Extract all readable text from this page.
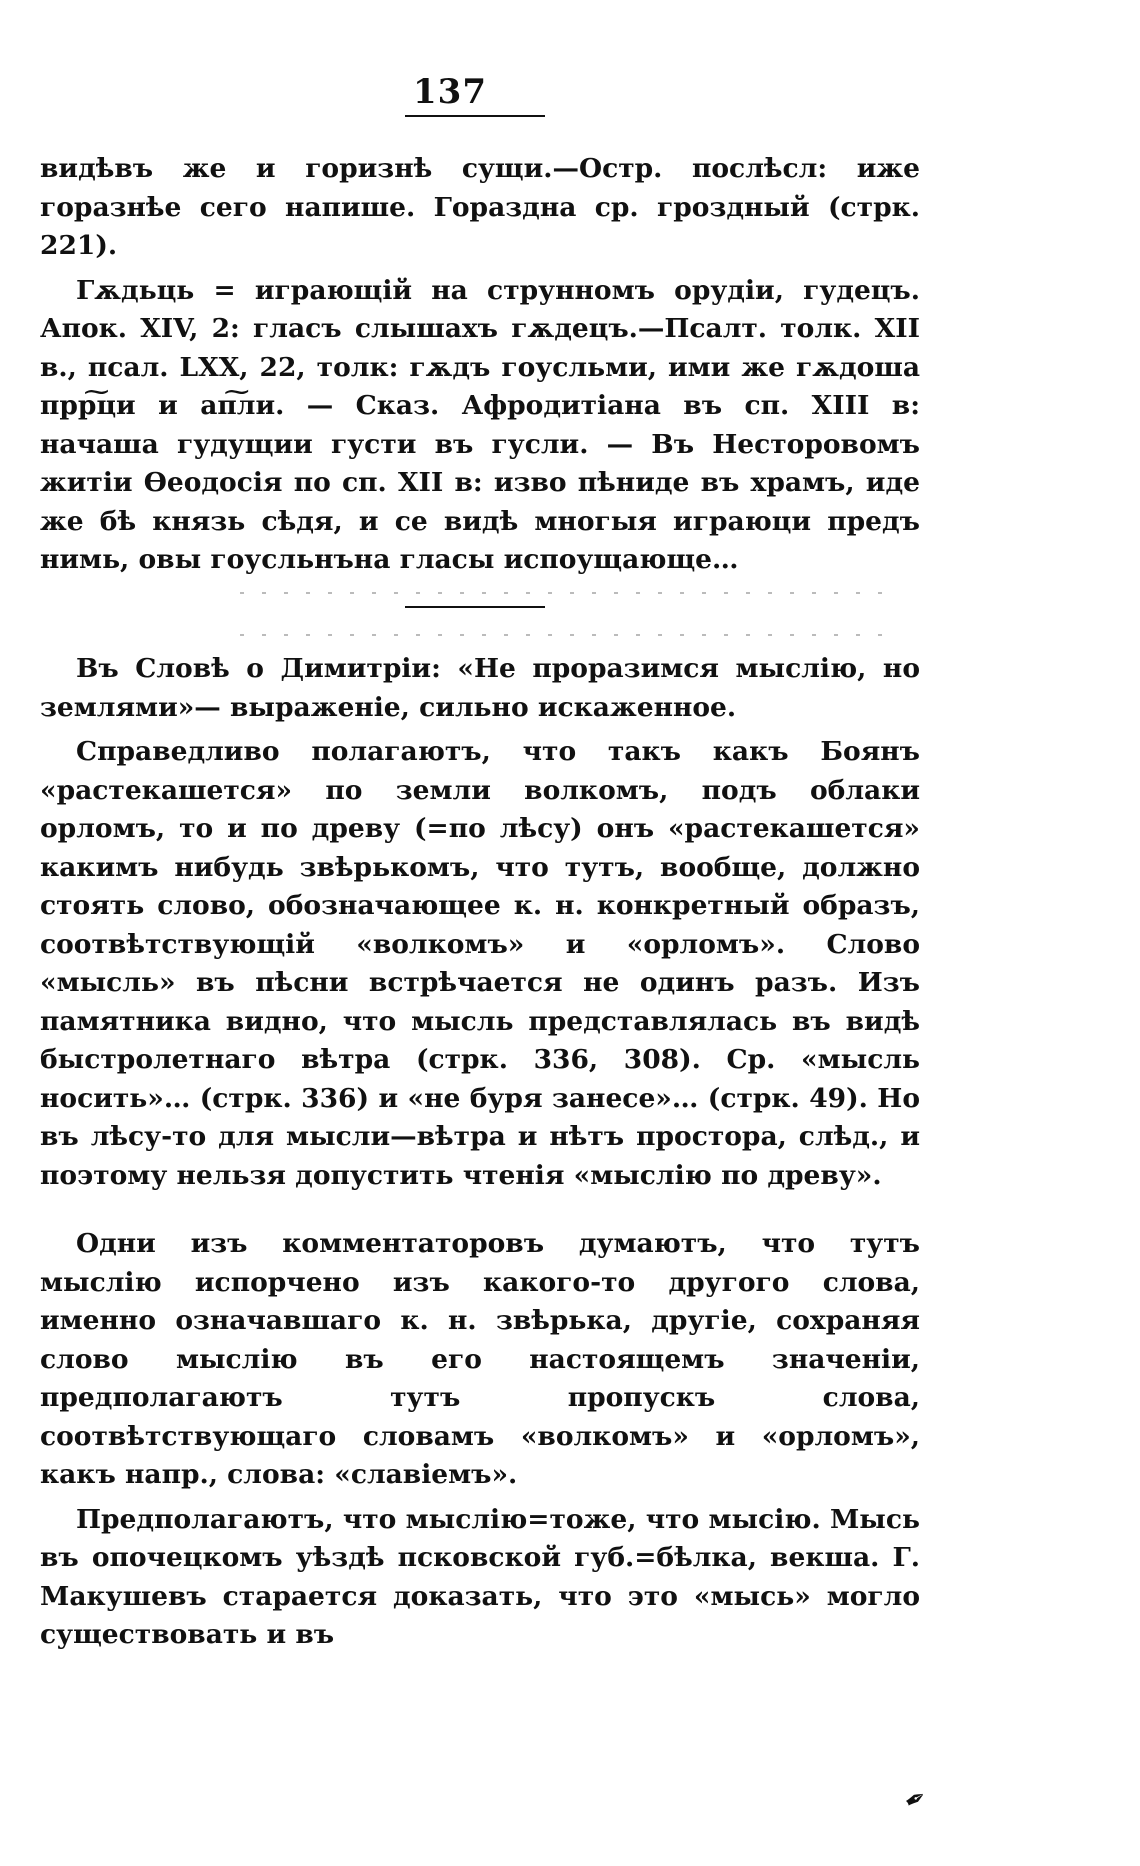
137

видѣвъ же и горизнѣ сущи.—Остр. послѣсл: иже горазнѣе сего напише. Гораздна ср. гроздный (стрк. 221).

Гѫдьць = играющій на струнномъ орудіи, гудецъ. Апок. XIV, 2: гласъ слышахъ гѫдецъ.—Псалт. толк. XII в., псал. LXX, 22, толк: гѫдъ гоусльми, ими же гѫдоша прр͠ци и ап͠ли. — Сказ. Афродитіана въ сп. XIII в: начаша гудущии густи въ гусли. — Въ Несторовомъ житіи Ѳеодосія по сп. XII в: изво пѣниде въ храмъ, иде же бѣ князь сѣдя, и се видѣ многыя играюци предъ нимь, овы гоусльнъна гласы испоущающе…

Въ Словѣ о Димитріи: «Не проразимся мыслію, но землями»— выраженіе, сильно искаженное.

Справедливо полагаютъ, что такъ какъ Боянъ «растекашется» по земли волкомъ, подъ облаки орломъ, то и по древу (=по лѣсу) онъ «растекашется» какимъ нибудь звѣрькомъ, что тутъ, вообще, должно стоять слово, обозначающее к. н. конкретный образъ, соотвѣтствующій «волкомъ» и «орломъ». Слово «мысль» въ пѣсни встрѣчается не одинъ разъ. Изъ памятника видно, что мысль представлялась въ видѣ быстролетнаго вѣтра (стрк. 336, 308). Ср. «мысль носить»… (стрк. 336) и «не буря занесе»… (стрк. 49). Но въ лѣсу-то для мысли—вѣтра и нѣтъ простора, слѣд., и поэтому нельзя допустить чтенія «мыслію по древу».

Одни изъ комментаторовъ думаютъ, что тутъ мыслію испорчено изъ какого-то другого слова, именно означавшаго к. н. звѣрька, другіе, сохраняя слово мыслію въ его настоящемъ значеніи, предполагаютъ тутъ пропускъ слова, соотвѣтствующаго словамъ «волкомъ» и «орломъ», какъ напр., слова: «славіемъ».

Предполагаютъ, что мыслію=тоже, что мысію. Мысь въ опочецкомъ уѣздѣ псковской губ.=бѣлка, векша. Г. Макушевъ старается доказать, что это «мысь» могло существовать и въ

✒
